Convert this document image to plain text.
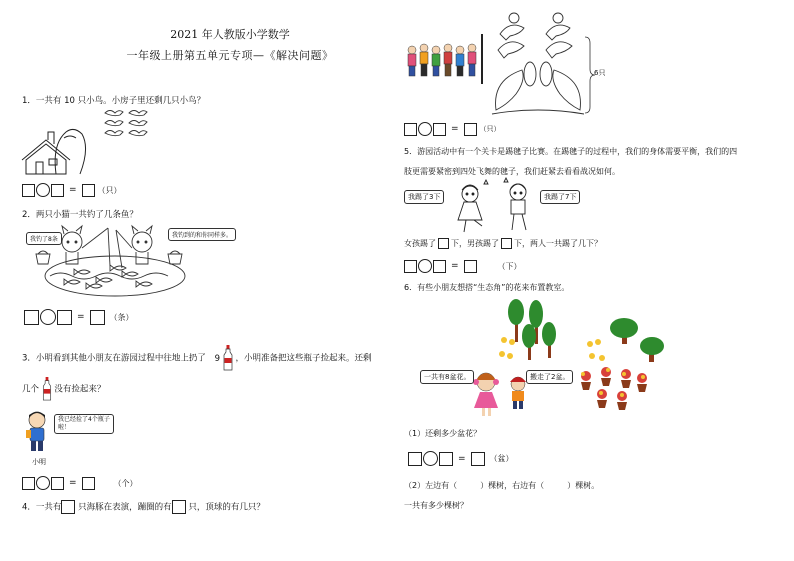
2021 年人教版小学数学
一年级上册第五单元专项—《解决问题》
1．一共有 10 只小鸟。小房子里还剩几只小鸟？
=	（只）
2．两只小猫一共钓了几条鱼？
我钓了8条
我钓到的和你同样多。
=	（条）
3．小明看到其他小朋友在游园过程中往地上扔了 9 ，小明准备把这些瓶子捡起来。还剩
几个 没有捡起来？
我已经捡了4个瓶子啦！
小明
=	（个）
4．一共有 只海豚在表演，蹦圈的有 只，顶球的有几只？
6只
=	（只）
5．游园活动中有一个关卡是踢毽子比赛。在踢毽子的过程中，我们的身体需要平衡，我们的四
肢更需要紧密到四处飞舞的毽子，我们赶紧去看看战况如何。
我踢了3下	我踢了7下
女孩踢了 下，男孩踢了 下，两人一共踢了几下？
=	（下）
6．有些小朋友想搭“生态角”的花来布置教室。
一共有8盆花。	搬走了2盆。
（1）还剩多少盆花？
=	（盆）
（2）左边有（	）棵树，右边有（	）棵树。
一共有多少棵树？
